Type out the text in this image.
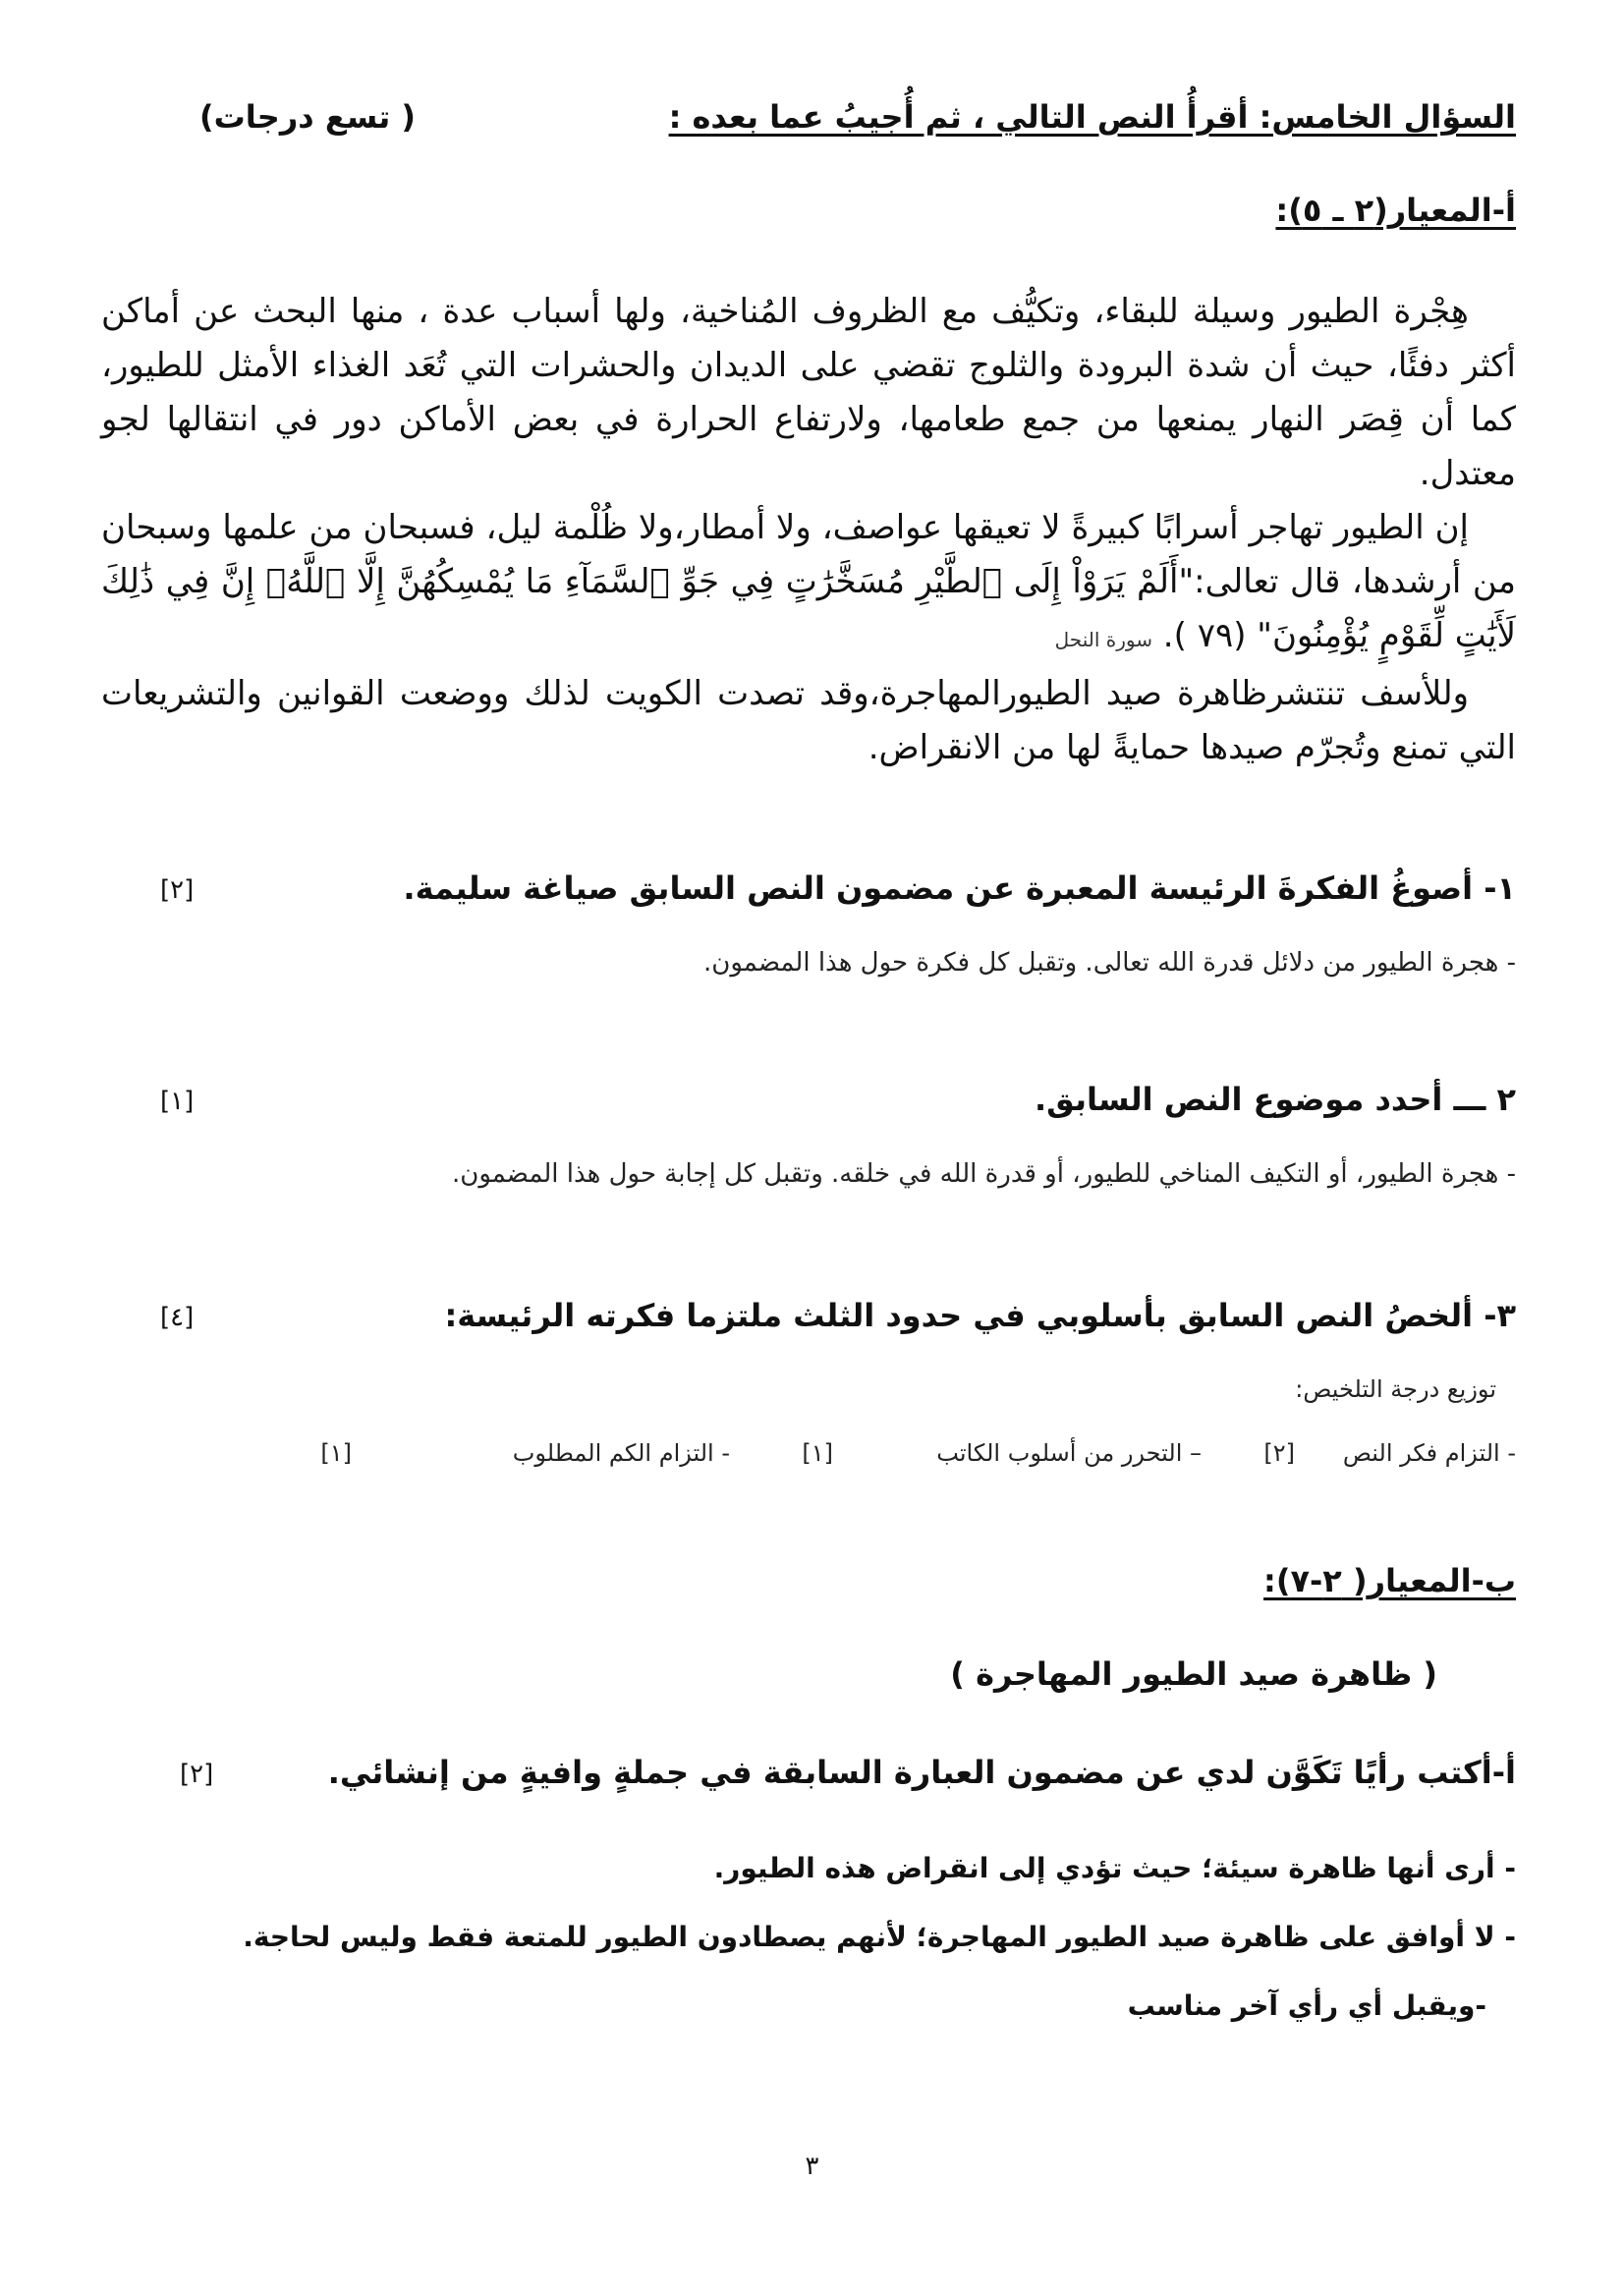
السؤال الخامس: أقرأُ النص التالي ، ثم أُجيبُ عما بعده :
( تسع درجات)
أ-المعيار(٢ ـ ٥):

هِجْرة الطيور وسيلة للبقاء، وتكيُّف مع الظروف المُناخية، ولها أسباب عدة ، منها البحث عن أماكن أكثر دفئًا، حيث أن شدة البرودة والثلوج تقضي على الديدان والحشرات التي تُعَد الغذاء الأمثل للطيور، كما أن قِصَر النهار يمنعها من جمع طعامها، ولارتفاع الحرارة في بعض الأماكن دور في انتقالها لجو معتدل.

إن الطيور تهاجر أسرابًا كبيرةً لا تعيقها عواصف، ولا أمطار،ولا ظُلْمة ليل، فسبحان من علمها وسبحان من أرشدها، قال تعالى:"أَلَمْ يَرَوْاْ إِلَى ٱلطَّيْرِ مُسَخَّرَٰتٍ فِي جَوِّ ٱلسَّمَآءِ مَا يُمْسِكُهُنَّ إِلَّا ٱللَّهُۚ إِنَّ فِي ذَٰلِكَ لَأَيَٰتٍ لِّقَوْمٍ يُؤْمِنُونَ" (٧٩ ). سورة النحل

وللأسف تنتشرظاهرة صيد الطيورالمهاجرة،وقد تصدت الكويت لذلك ووضعت القوانين والتشريعات التي تمنع وتُجرّم صيدها حمايةً لها من الانقراض.

١- أصوغُ الفكرةَ الرئيسة المعبرة عن مضمون النص السابق صياغة سليمة.
[٢]
- هجرة الطيور من دلائل قدرة الله تعالى. وتقبل كل فكرة حول هذا المضمون.
٢ ـــ أحدد موضوع النص السابق.
[١]
- هجرة الطيور، أو التكيف المناخي للطيور، أو قدرة الله في خلقه. وتقبل كل إجابة حول هذا المضمون.
٣- ألخصُ النص السابق بأسلوبي في حدود الثلث ملتزما فكرته الرئيسة:
[٤]
توزيع درجة التلخيص:
- التزام فكر النص
[٢]
– التحرر من أسلوب الكاتب
[١]
- التزام الكم المطلوب
[١]
ب-المعيار( ٢-٧):
( ظاهرة صيد الطيور المهاجرة )
أ-أكتب رأيًا تَكَوَّن لدي عن مضمون العبارة السابقة في جملةٍ وافيةٍ من إنشائي.
[٢]
- أرى أنها ظاهرة سيئة؛ حيث تؤدي إلى انقراض هذه الطيور.
- لا أوافق على ظاهرة صيد الطيور المهاجرة؛ لأنهم يصطادون الطيور للمتعة فقط وليس لحاجة.
-ويقبل أي رأي آخر مناسب
٣
